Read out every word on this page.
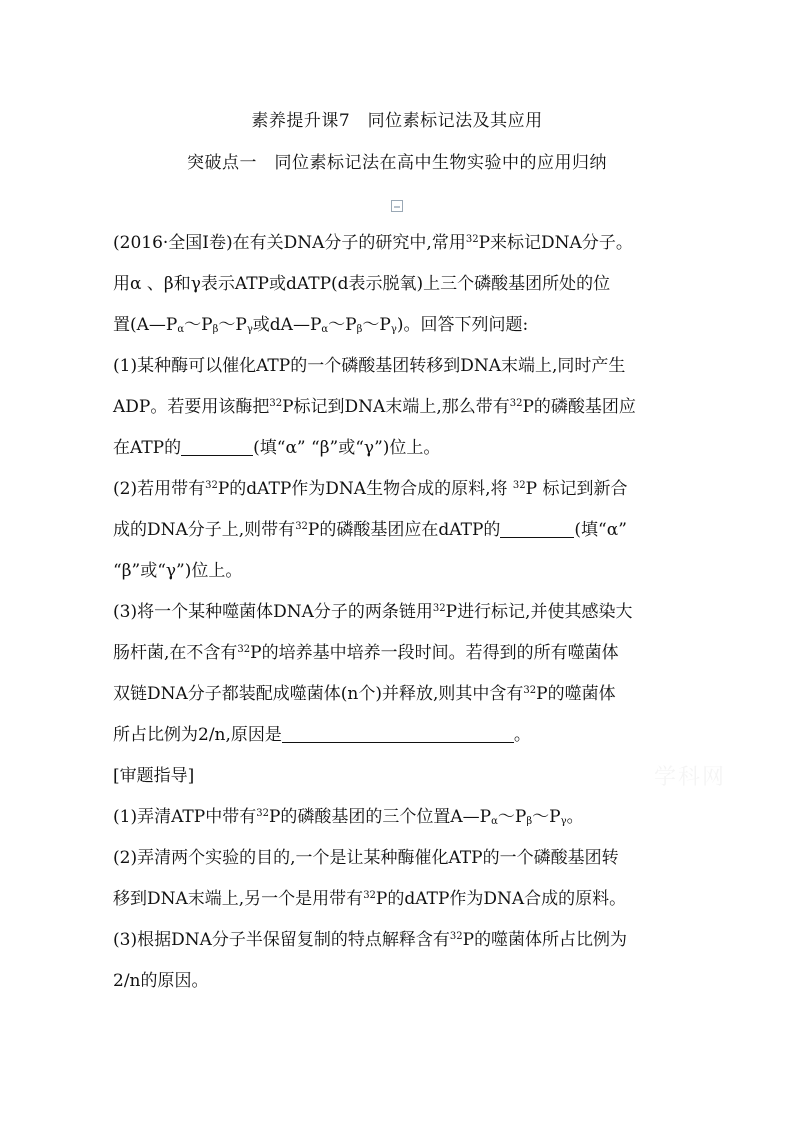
素养提升课7　同位素标记法及其应用
突破点一　同位素标记法在高中生物实验中的应用归纳
(2016·全国Ⅰ卷)在有关DNA分子的研究中,常用$^{32}$P来标记DNA分子。
用α 、β和γ表示ATP或dATP(d表示脱氧)上三个磷酸基团所处的位
置($A—P_\alpha\sim P_\beta\sim P_\gamma$或$dA—P_\alpha\sim P_\beta\sim P_\gamma$)。回答下列问题:
(1)某种酶可以催化ATP的一个磷酸基团转移到DNA末端上,同时产生
ADP。若要用该酶把$^{32}$P标记到DNA末端上,那么带有$^{32}$P的磷酸基团应
在ATP的	(填“α” “β”或“γ”)位上。
(2)若用带有$^{32}$P的dATP作为DNA生物合成的原料,将 $^{32}$P 标记到新合
成的DNA分子上,则带有$^{32}$P的磷酸基团应在dATP的	(填“α”
“β”或“γ”)位上。
(3)将一个某种噬菌体DNA分子的两条链用$^{32}$P进行标记,并使其感染大
肠杆菌,在不含有$^{32}$P的培养基中培养一段时间。若得到的所有噬菌体
双链DNA分子都装配成噬菌体(n个)并释放,则其中含有$^{32}$P的噬菌体
所占比例为2/n,原因是	。
[审题指导]
(1)弄清ATP中带有$^{32}$P的磷酸基团的三个位置$A—P_\alpha\sim P_\beta\sim P_\gamma$。
(2)弄清两个实验的目的,一个是让某种酶催化ATP的一个磷酸基团转
移到DNA末端上,另一个是用带有$^{32}$P的dATP作为DNA合成的原料。
(3)根据DNA分子半保留复制的特点解释含有$^{32}$P的噬菌体所占比例为
2/n的原因。
